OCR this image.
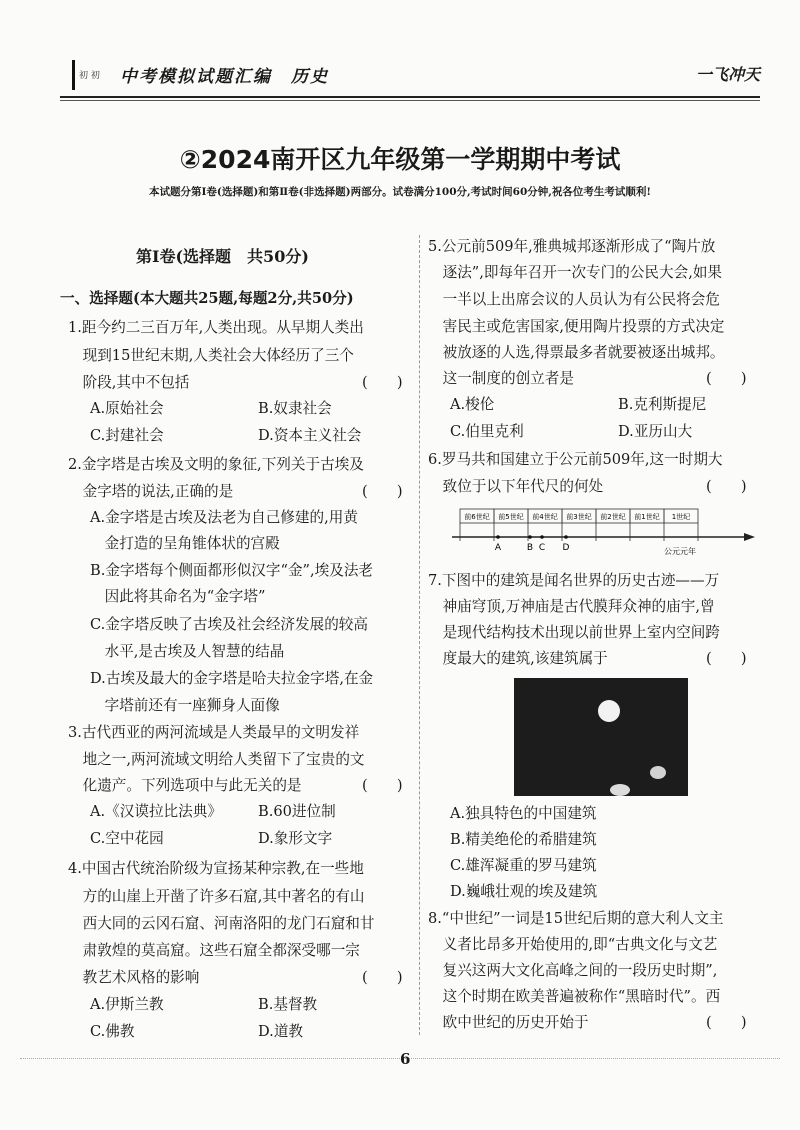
初 初 中考模拟试题汇编　历史	一飞冲天
②2024南开区九年级第一学期期中考试
本试题分第Ⅰ卷(选择题)和第Ⅱ卷(非选择题)两部分。试卷满分100分,考试时间60分钟,祝各位考生考试顺利!
第Ⅰ卷(选择题　共50分)
一、选择题(本大题共25题,每题2分,共50分)
1.距今约二三百万年,人类出现。从早期人类出
　现到15世纪末期,人类社会大体经历了三个
　阶段,其中不包括	(　　)
A.原始社会	B.奴隶社会
C.封建社会	D.资本主义社会
2.金字塔是古埃及文明的象征,下列关于古埃及
　金字塔的说法,正确的是	(　　)
A.金字塔是古埃及法老为自己修建的,用黄
　金打造的呈角锥体状的宫殿
B.金字塔每个侧面都形似汉字“金”,埃及法老
　因此将其命名为“金字塔”
C.金字塔反映了古埃及社会经济发展的较高
　水平,是古埃及人智慧的结晶
D.古埃及最大的金字塔是哈夫拉金字塔,在金
　字塔前还有一座狮身人面像
3.古代西亚的两河流域是人类最早的文明发祥
　地之一,两河流域文明给人类留下了宝贵的文
　化遗产。下列选项中与此无关的是	(　　)
A.《汉谟拉比法典》 B.60进位制
C.空中花园	D.象形文字
4.中国古代统治阶级为宣扬某种宗教,在一些地
　方的山崖上开凿了许多石窟,其中著名的有山
　西大同的云冈石窟、河南洛阳的龙门石窟和甘
　肃敦煌的莫高窟。这些石窟全都深受哪一宗
　教艺术风格的影响	(　　)
A.伊斯兰教	B.基督教
C.佛教	D.道教
5.公元前509年,雅典城邦逐渐形成了“陶片放
　逐法”,即每年召开一次专门的公民大会,如果
　一半以上出席会议的人员认为有公民将会危
　害民主或危害国家,便用陶片投票的方式决定
　被放逐的人选,得票最多者就要被逐出城邦。
　这一制度的创立者是	(　　)
A.梭伦	B.克利斯提尼
C.伯里克利	D.亚历山大
6.罗马共和国建立于公元前509年,这一时期大
　致位于以下年代尺的何处	(　　)
7.下图中的建筑是闻名世界的历史古迹——万
　神庙穹顶,万神庙是古代膜拜众神的庙宇,曾
　是现代结构技术出现以前世界上室内空间跨
　度最大的建筑,该建筑属于	(　　)
A.独具特色的中国建筑
B.精美绝伦的希腊建筑
C.雄浑凝重的罗马建筑
D.巍峨壮观的埃及建筑
8.“中世纪”一词是15世纪后期的意大利人文主
　义者比昂多开始使用的,即“古典文化与文艺
　复兴这两大文化高峰之间的一段历史时期”,
　这个时期在欧美普遍被称作“黑暗时代”。西
　欧中世纪的历史开始于	(　　)
前6世纪 前5世纪 前4世纪 前3世纪 前2世纪 前1世纪 1世纪
A	B C D	公元元年
6
